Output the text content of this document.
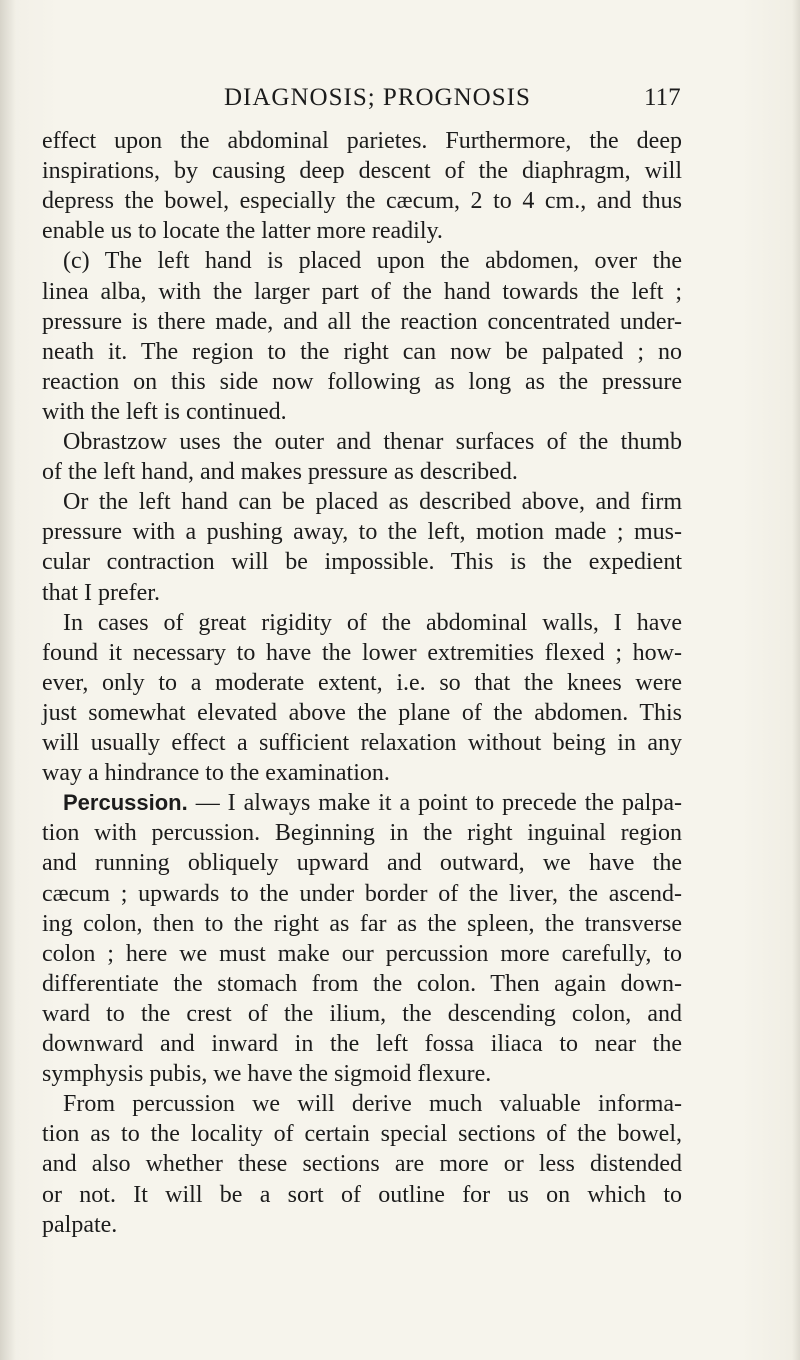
DIAGNOSIS; PROGNOSIS	117
effect upon the abdominal parietes. Furthermore, the deep
inspirations, by causing deep descent of the diaphragm, will
depress the bowel, especially the cæcum, 2 to 4 cm., and thus
enable us to locate the latter more readily.
(c) The left hand is placed upon the abdomen, over the
linea alba, with the larger part of the hand towards the left ;
pressure is there made, and all the reaction concentrated under-
neath it. The region to the right can now be palpated ; no
reaction on this side now following as long as the pressure
with the left is continued.
Obrastzow uses the outer and thenar surfaces of the thumb
of the left hand, and makes pressure as described.
Or the left hand can be placed as described above, and firm
pressure with a pushing away, to the left, motion made ; mus-
cular contraction will be impossible. This is the expedient
that I prefer.
In cases of great rigidity of the abdominal walls, I have
found it necessary to have the lower extremities flexed ; how-
ever, only to a moderate extent, i.e. so that the knees were
just somewhat elevated above the plane of the abdomen. This
will usually effect a sufficient relaxation without being in any
way a hindrance to the examination.
Percussion. — I always make it a point to precede the palpa-
tion with percussion. Beginning in the right inguinal region
and running obliquely upward and outward, we have the
cæcum ; upwards to the under border of the liver, the ascend-
ing colon, then to the right as far as the spleen, the transverse
colon ; here we must make our percussion more carefully, to
differentiate the stomach from the colon. Then again down-
ward to the crest of the ilium, the descending colon, and
downward and inward in the left fossa iliaca to near the
symphysis pubis, we have the sigmoid flexure.
From percussion we will derive much valuable informa-
tion as to the locality of certain special sections of the bowel,
and also whether these sections are more or less distended
or not. It will be a sort of outline for us on which to
palpate.
